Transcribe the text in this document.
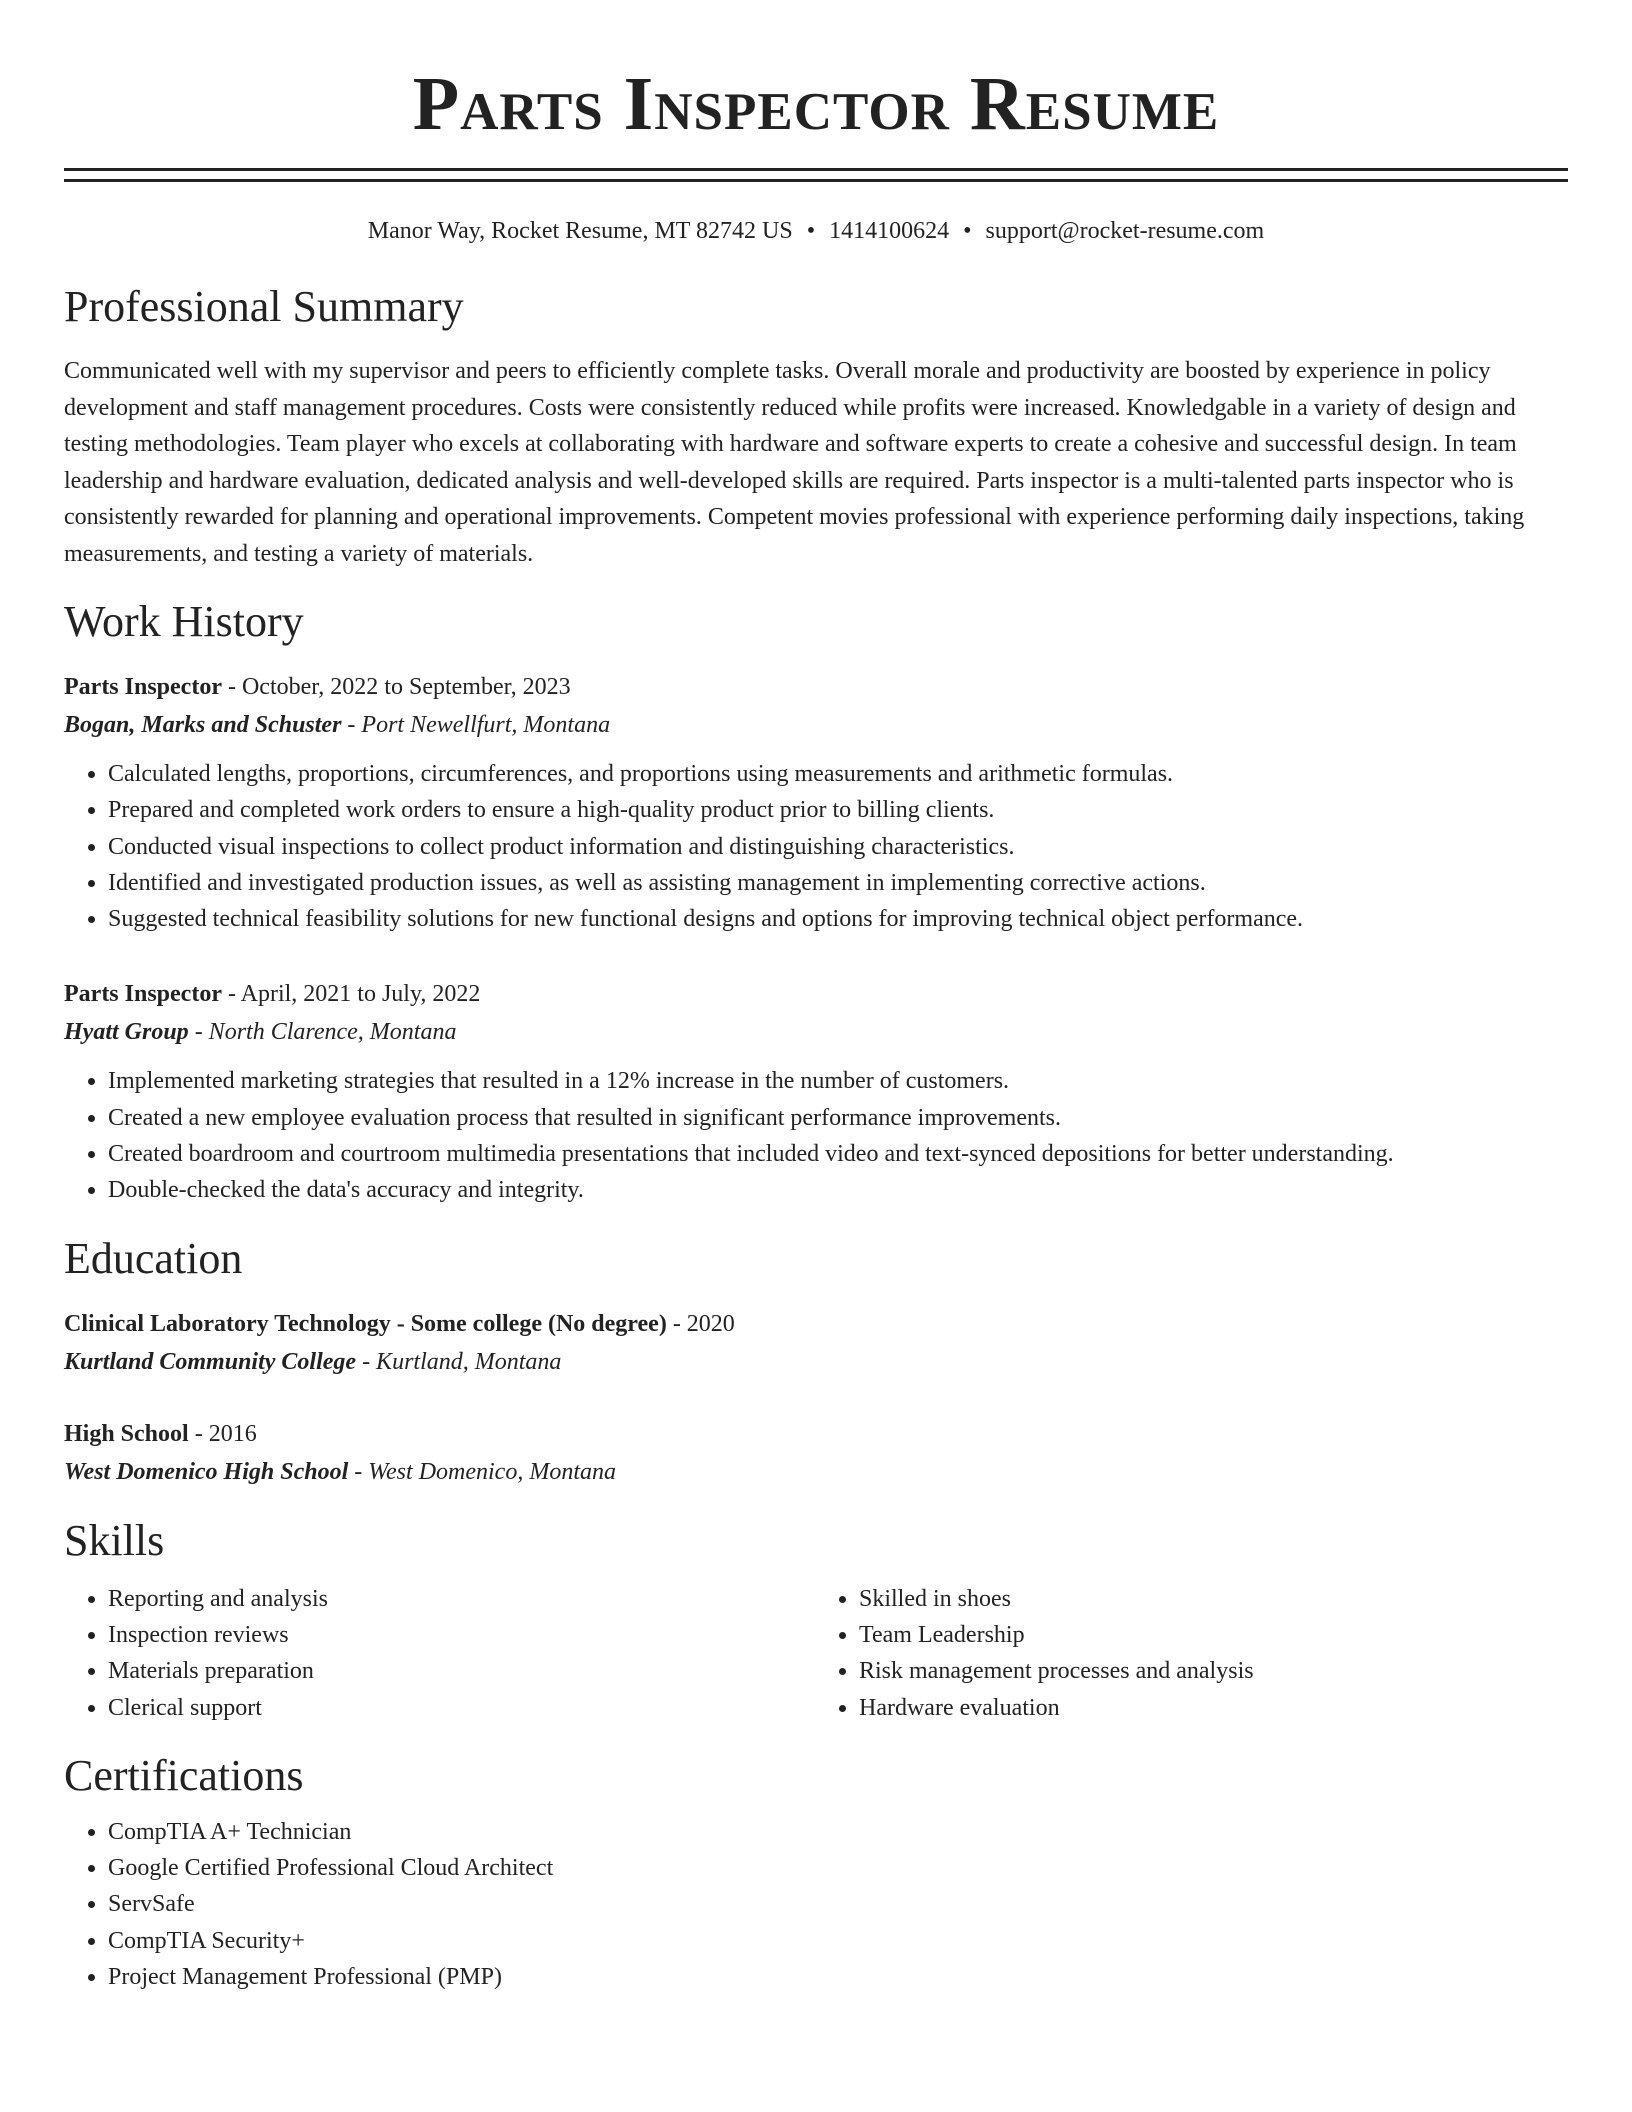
Parts Inspector Resume
Manor Way, Rocket Resume, MT 82742 US • 1414100624 • support@rocket-resume.com
Professional Summary
Communicated well with my supervisor and peers to efficiently complete tasks. Overall morale and productivity are boosted by experience in policy development and staff management procedures. Costs were consistently reduced while profits were increased. Knowledgable in a variety of design and testing methodologies. Team player who excels at collaborating with hardware and software experts to create a cohesive and successful design. In team leadership and hardware evaluation, dedicated analysis and well-developed skills are required. Parts inspector is a multi-talented parts inspector who is consistently rewarded for planning and operational improvements. Competent movies professional with experience performing daily inspections, taking measurements, and testing a variety of materials.
Work History
Parts Inspector - October, 2022 to September, 2023
Bogan, Marks and Schuster - Port Newellfurt, Montana
• Calculated lengths, proportions, circumferences, and proportions using measurements and arithmetic formulas.
• Prepared and completed work orders to ensure a high-quality product prior to billing clients.
• Conducted visual inspections to collect product information and distinguishing characteristics.
• Identified and investigated production issues, as well as assisting management in implementing corrective actions.
• Suggested technical feasibility solutions for new functional designs and options for improving technical object performance.
Parts Inspector - April, 2021 to July, 2022
Hyatt Group - North Clarence, Montana
• Implemented marketing strategies that resulted in a 12% increase in the number of customers.
• Created a new employee evaluation process that resulted in significant performance improvements.
• Created boardroom and courtroom multimedia presentations that included video and text-synced depositions for better understanding.
• Double-checked the data's accuracy and integrity.
Education
Clinical Laboratory Technology - Some college (No degree) - 2020
Kurtland Community College - Kurtland, Montana
High School - 2016
West Domenico High School - West Domenico, Montana
Skills
• Reporting and analysis
• Inspection reviews
• Materials preparation
• Clerical support
• Skilled in shoes
• Team Leadership
• Risk management processes and analysis
• Hardware evaluation
Certifications
• CompTIA A+ Technician
• Google Certified Professional Cloud Architect
• ServSafe
• CompTIA Security+
• Project Management Professional (PMP)
